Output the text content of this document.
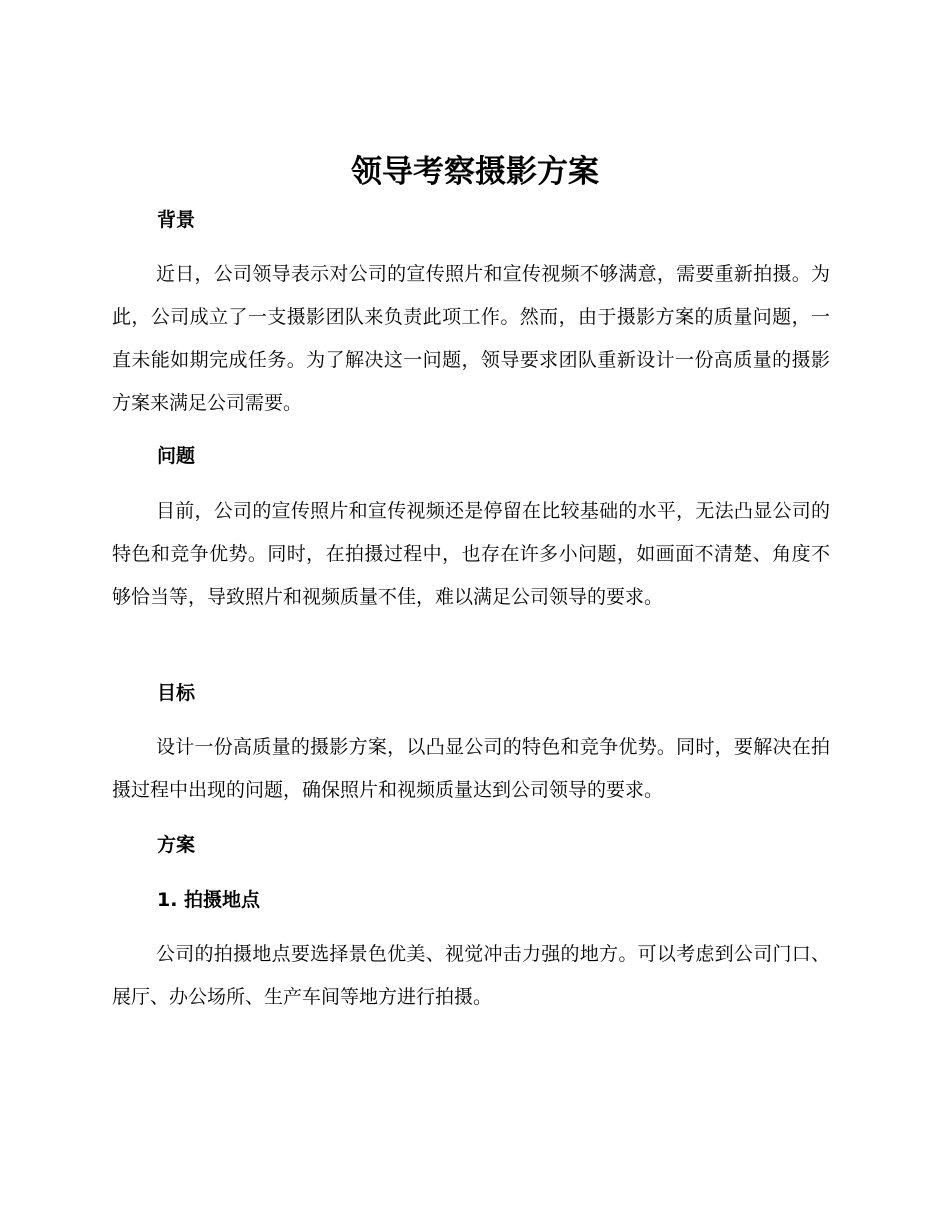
领导考察摄影方案
背景

近日，公司领导表示对公司的宣传照片和宣传视频不够满意，需要重新拍摄。为此，公司成立了一支摄影团队来负责此项工作。然而，由于摄影方案的质量问题，一直未能如期完成任务。为了解决这一问题，领导要求团队重新设计一份高质量的摄影方案来满足公司需要。

问题

目前，公司的宣传照片和宣传视频还是停留在比较基础的水平，无法凸显公司的特色和竞争优势。同时，在拍摄过程中，也存在许多小问题，如画面不清楚、角度不够恰当等，导致照片和视频质量不佳，难以满足公司领导的要求。

目标

设计一份高质量的摄影方案，以凸显公司的特色和竞争优势。同时，要解决在拍摄过程中出现的问题，确保照片和视频质量达到公司领导的要求。

方案
1. 拍摄地点

公司的拍摄地点要选择景色优美、视觉冲击力强的地方。可以考虑到公司门口、展厅、办公场所、生产车间等地方进行拍摄。
